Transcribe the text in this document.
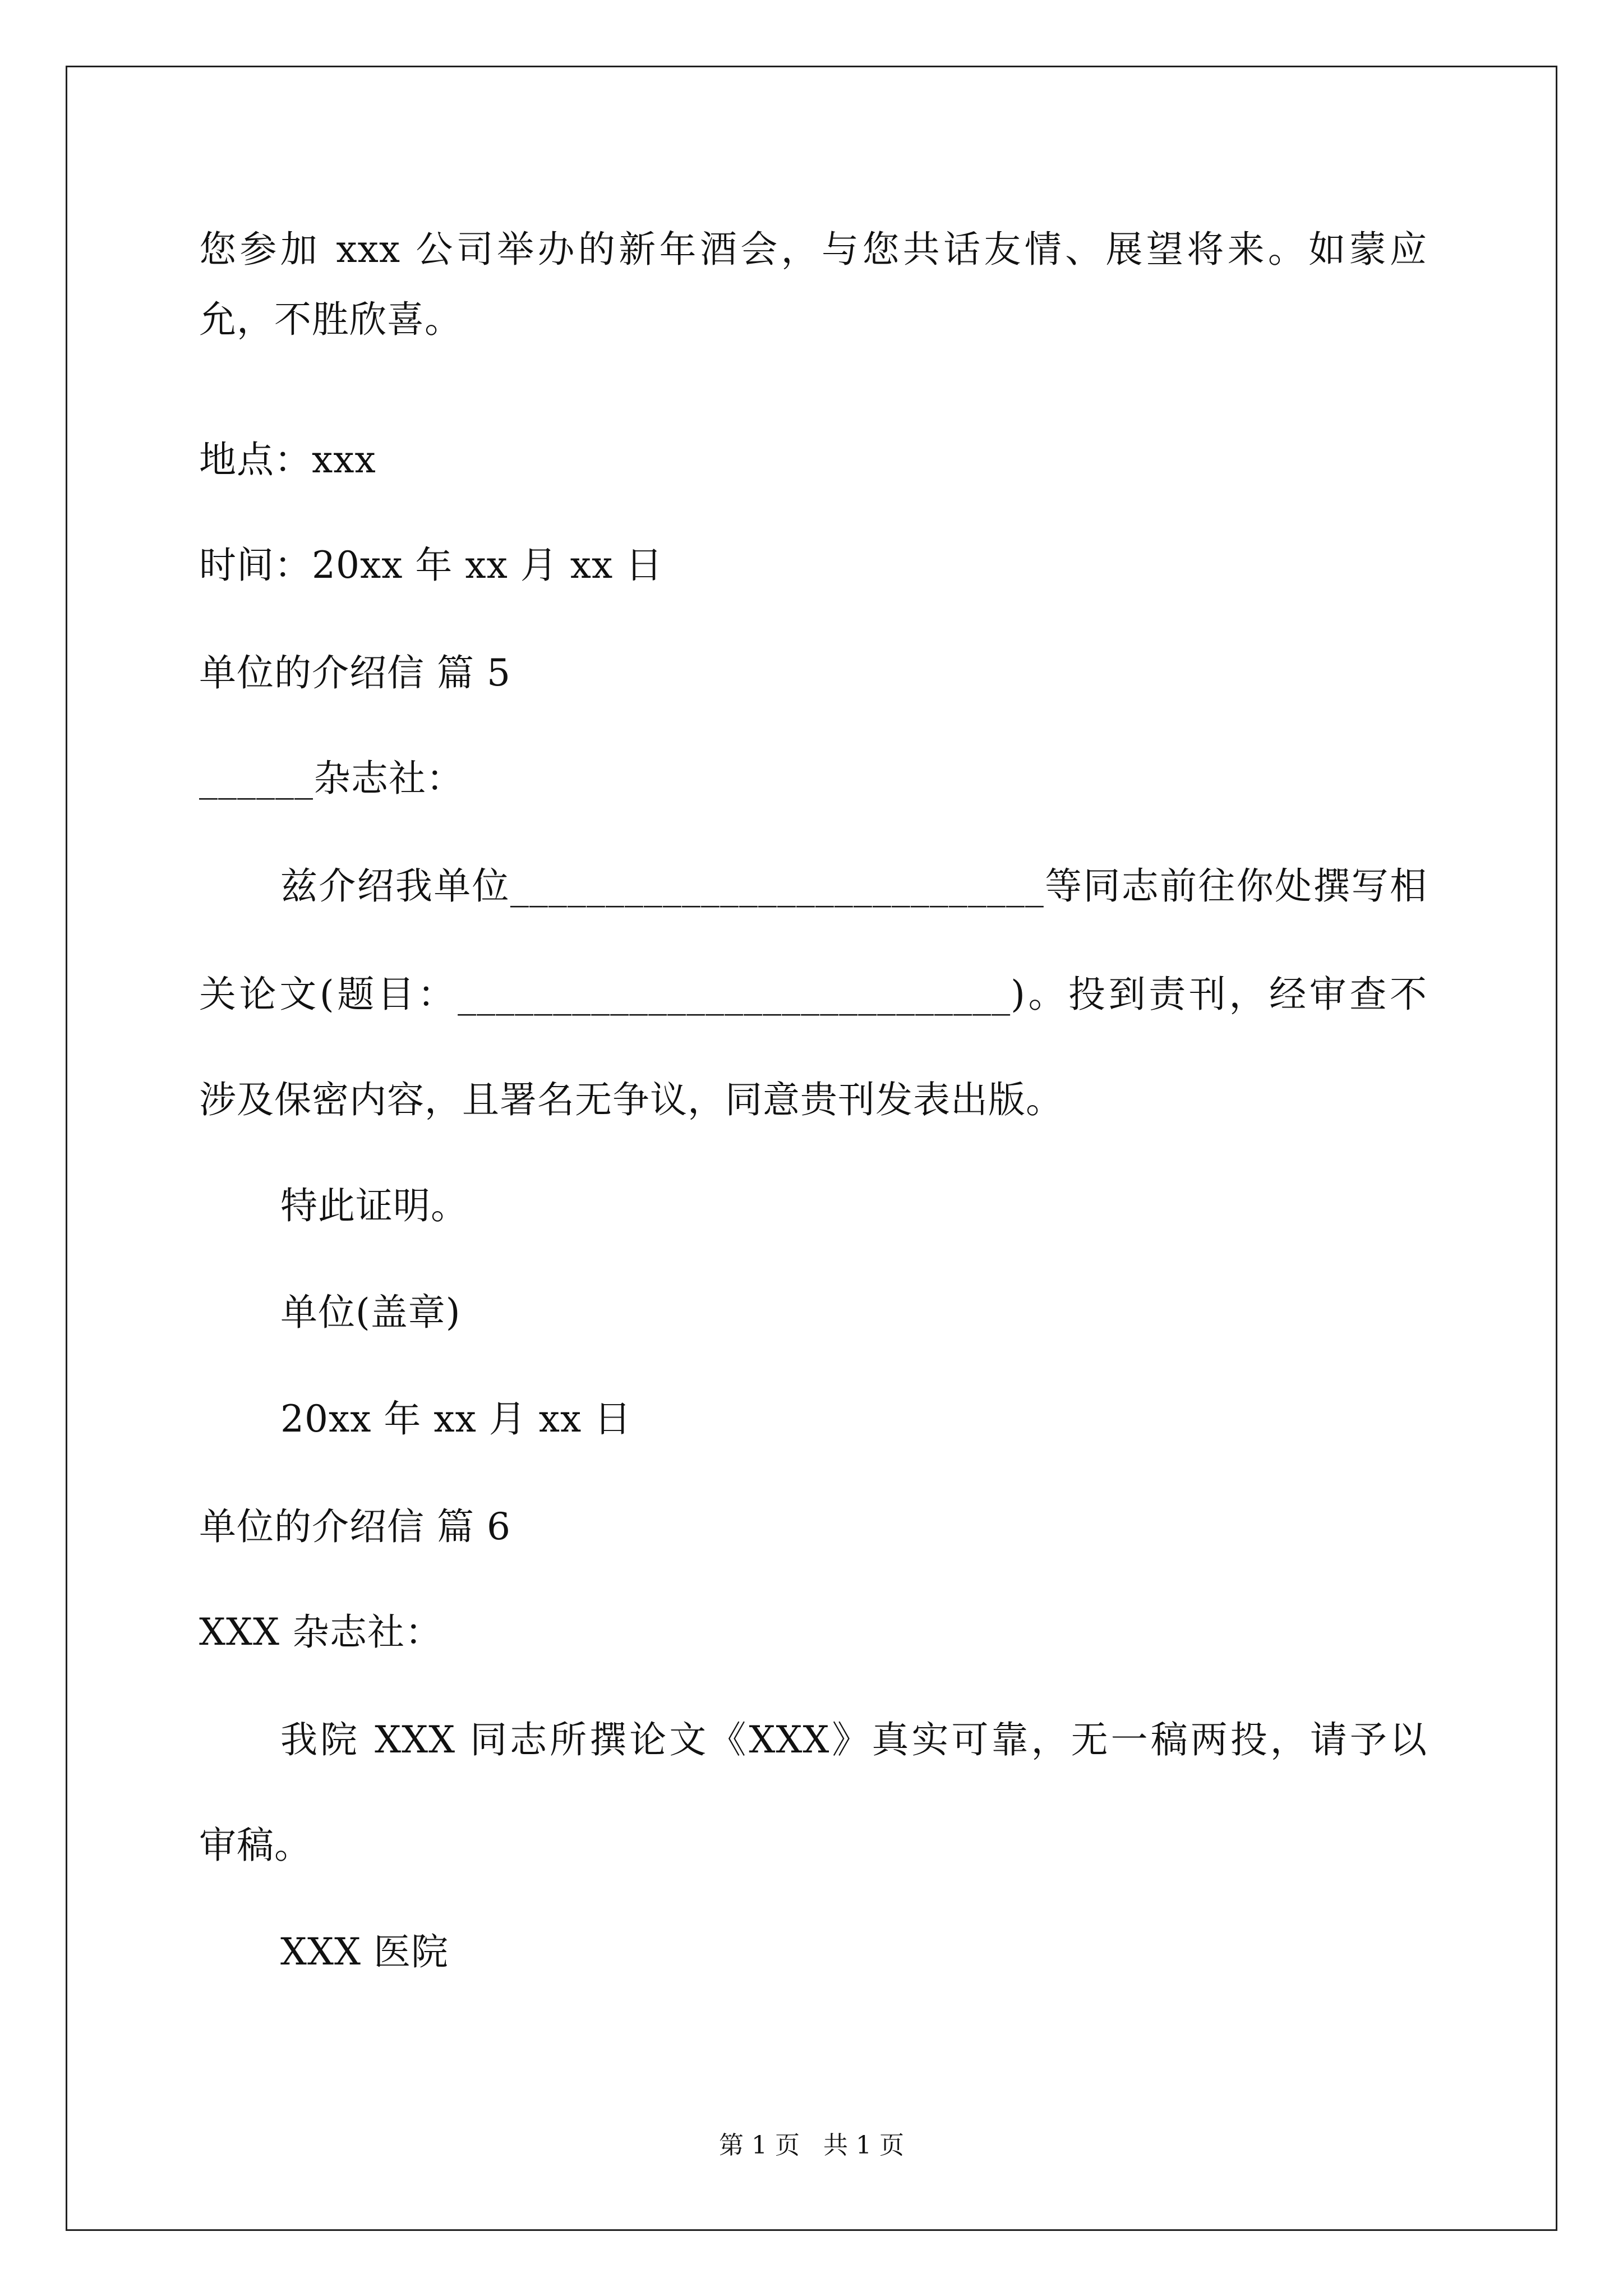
您参加 xxx 公司举办的新年酒会，与您共话友情、展望将来。如蒙应
允，不胜欣喜。
地点：xxx
时间：20xx 年 xx 月 xx 日
单位的介绍信 篇 5
______杂志社：
兹介绍我单位____________________________等同志前往你处撰写相
关论文(题目：_____________________________)。投到责刊，经审查不
涉及保密内容，且署名无争议，同意贵刊发表出版。
特此证明。
单位(盖章)
20xx 年 xx 月 xx 日
单位的介绍信 篇 6
XXX 杂志社：
我院 XXX 同志所撰论文《XXX》真实可靠，无一稿两投，请予以
审稿。
XXX 医院
第 1 页   共 1 页
